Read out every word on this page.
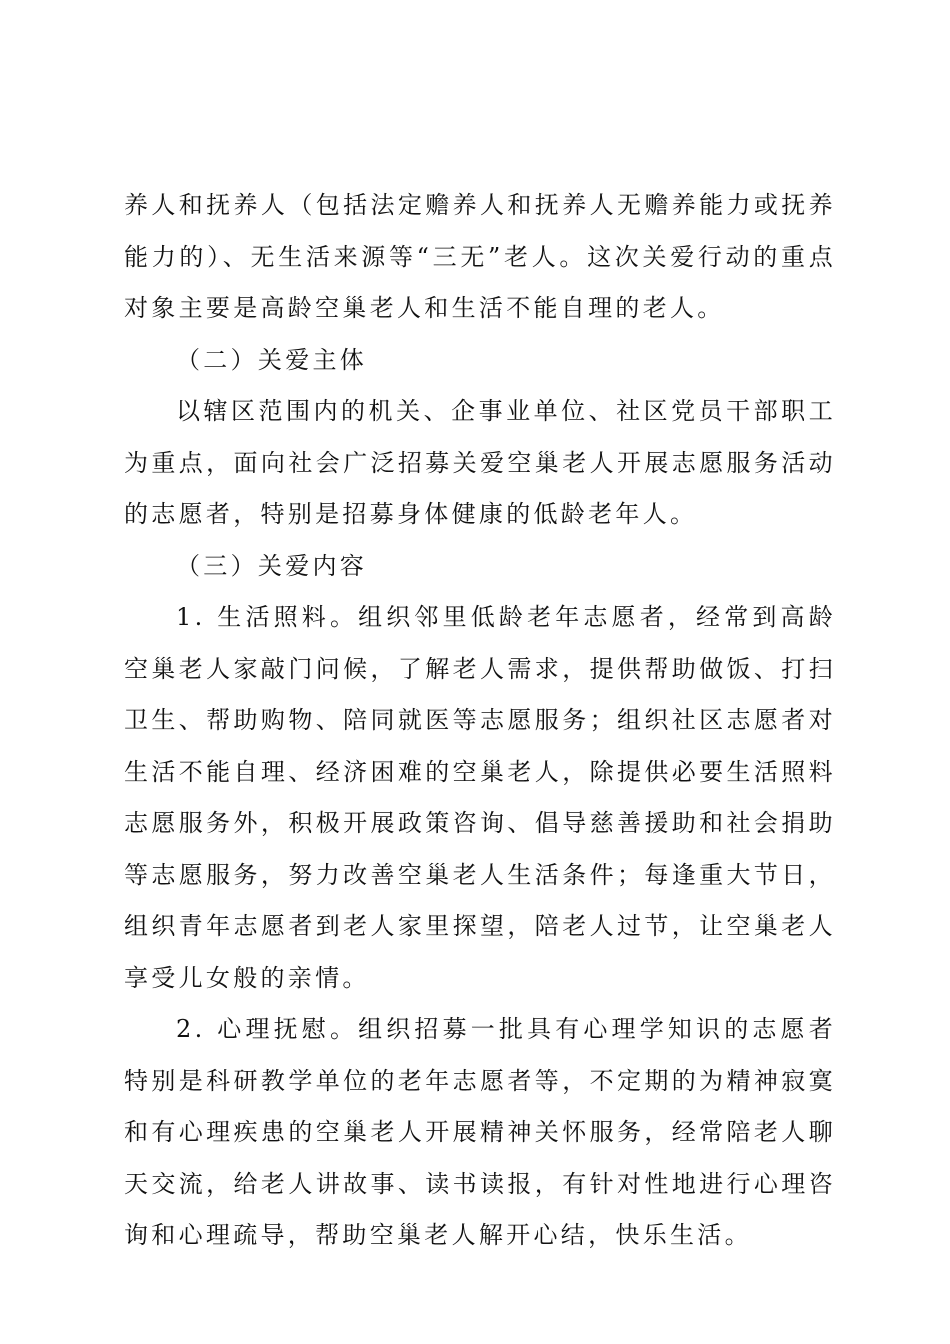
养人和抚养人（包括法定赡养人和抚养人无赡养能力或抚养能力的）、无生活来源等“三无”老人。这次关爱行动的重点对象主要是高龄空巢老人和生活不能自理的老人。

（二）关爱主体

以辖区范围内的机关、企事业单位、社区党员干部职工为重点，面向社会广泛招募关爱空巢老人开展志愿服务活动的志愿者，特别是招募身体健康的低龄老年人。

（三）关爱内容

1. 生活照料。组织邻里低龄老年志愿者，经常到高龄空巢老人家敲门问候，了解老人需求，提供帮助做饭、打扫卫生、帮助购物、陪同就医等志愿服务；组织社区志愿者对生活不能自理、经济困难的空巢老人，除提供必要生活照料志愿服务外，积极开展政策咨询、倡导慈善援助和社会捐助等志愿服务，努力改善空巢老人生活条件；每逢重大节日，组织青年志愿者到老人家里探望，陪老人过节，让空巢老人享受儿女般的亲情。

2. 心理抚慰。组织招募一批具有心理学知识的志愿者特别是科研教学单位的老年志愿者等，不定期的为精神寂寞和有心理疾患的空巢老人开展精神关怀服务，经常陪老人聊天交流，给老人讲故事、读书读报，有针对性地进行心理咨询和心理疏导，帮助空巢老人解开心结，快乐生活。
